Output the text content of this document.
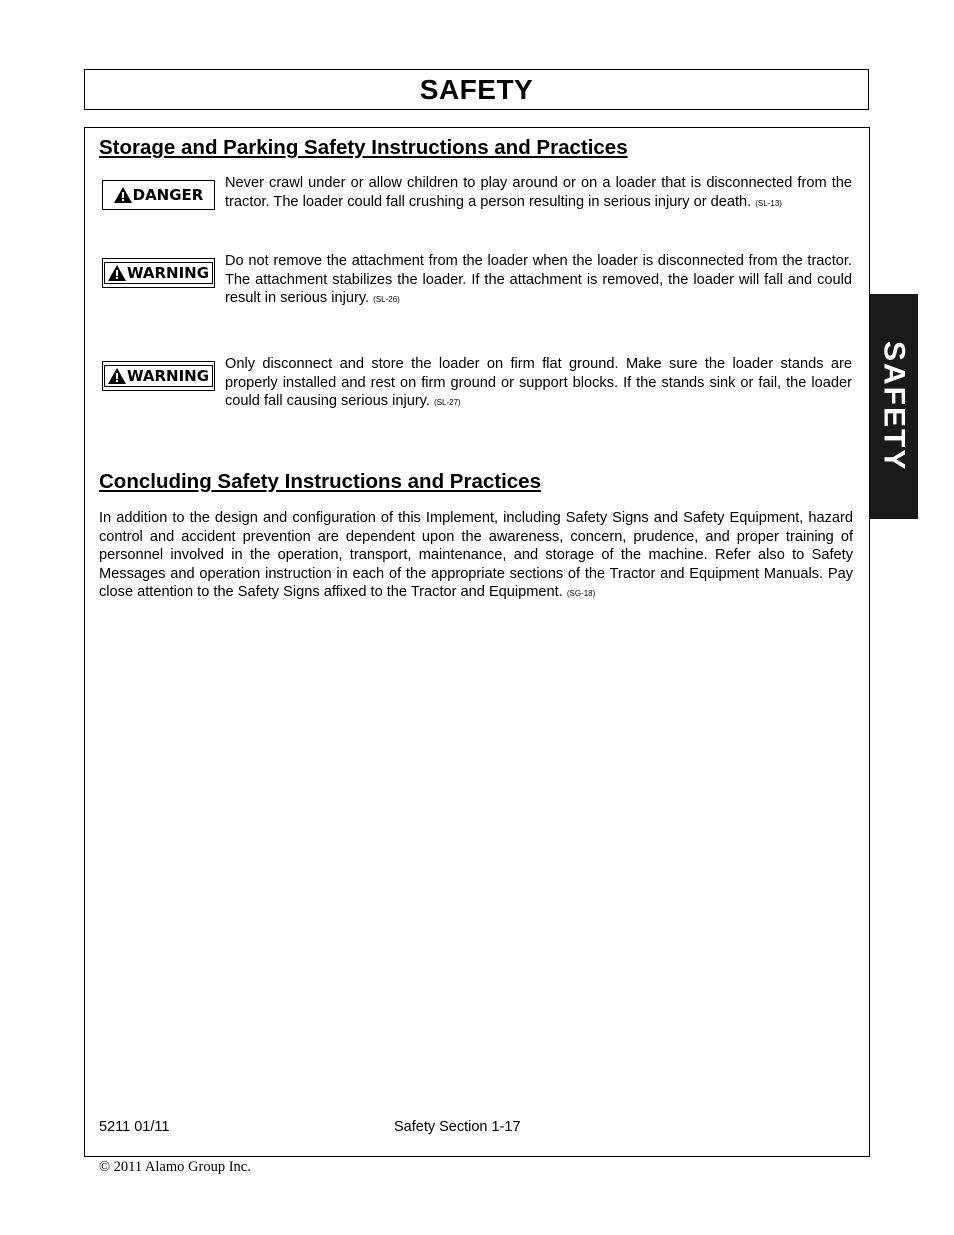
SAFETY
SAFETY
Storage and Parking Safety Instructions and Practices
DANGER

Never crawl under or allow children to play around or on a loader that is disconnected from the tractor. The loader could fall crushing a person resulting in serious injury or death. (SL-13)

WARNING

Do not remove the attachment from the loader when the loader is disconnected from the tractor. The attachment stabilizes the loader. If the attachment is removed, the loader will fall and could result in serious injury. (SL-26)

WARNING

Only disconnect and store the loader on firm flat ground. Make sure the loader stands are properly installed and rest on firm ground or support blocks. If the stands sink or fail, the loader could fall causing serious injury. (SL-27)

Concluding Safety Instructions and Practices

In addition to the design and configuration of this Implement, including Safety Signs and Safety Equipment, hazard control and accident prevention are dependent upon the awareness, concern, prudence, and proper training of personnel involved in the operation, transport, maintenance, and storage of the machine. Refer also to Safety Messages and operation instruction in each of the appropriate sections of the Tractor and Equipment Manuals. Pay close attention to the Safety Signs affixed to the Tractor and Equipment. (SG-18)

5211 01/11	Safety Section 1-17
© 2011 Alamo Group Inc.
